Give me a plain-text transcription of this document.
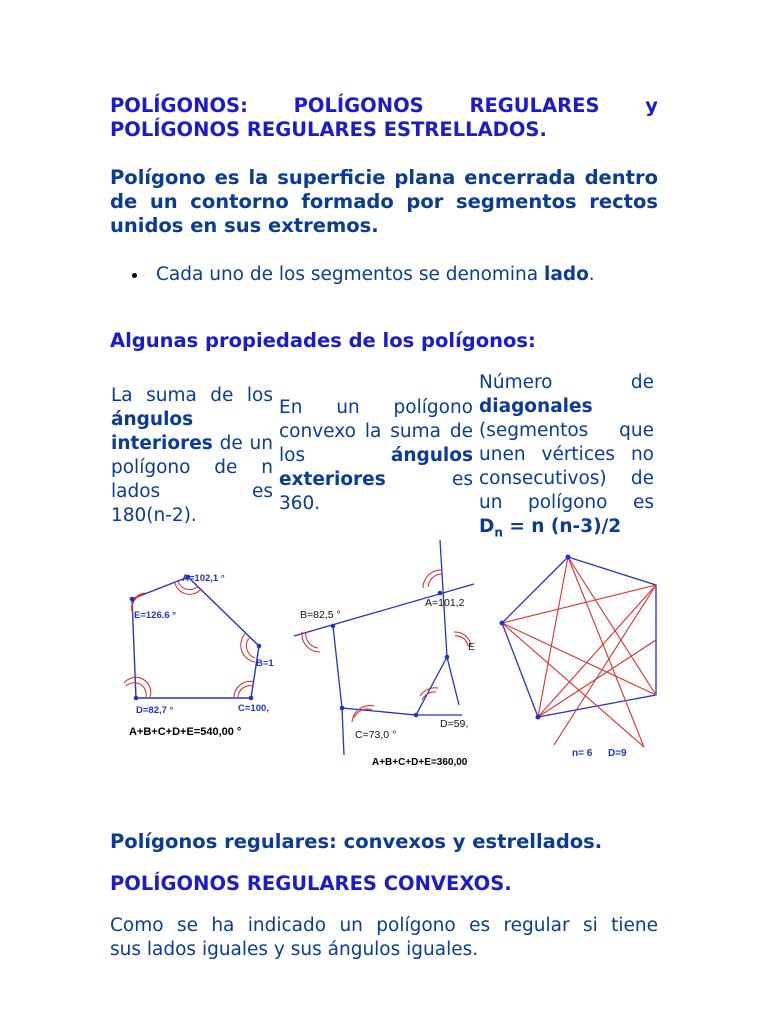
POLÍGONOS: POLÍGONOS REGULARES y
POLÍGONOS REGULARES ESTRELLADOS.
Polígono es la superficie plana encerrada dentro de un contorno formado por segmentos rectos unidos en sus extremos.
Cada uno de los segmentos se denomina lado.
Algunas propiedades de los polígonos:
La suma de los ángulos interiores de un polígono de n lados es
180(n-2).
En un polígono convexo la suma de los ángulos exteriores es
360.
Número de diagonales (segmentos que unen vértices no consecutivos) de un polígono es
$D_n = n$ (n-3)/2
A=102,1 °
E=126.6 °
B=1
D=82,7 °	C=100,
A+B+C+D+E=540,00 °
B=82,5 °
A=101,2
E
D=59,
C=73,0 °
A+B+C+D+E=360,00
n= 6 D=9
Polígonos regulares: convexos y estrellados.
POLÍGONOS REGULARES CONVEXOS.
Como se ha indicado un polígono es regular si tiene
sus lados iguales y sus ángulos iguales.
